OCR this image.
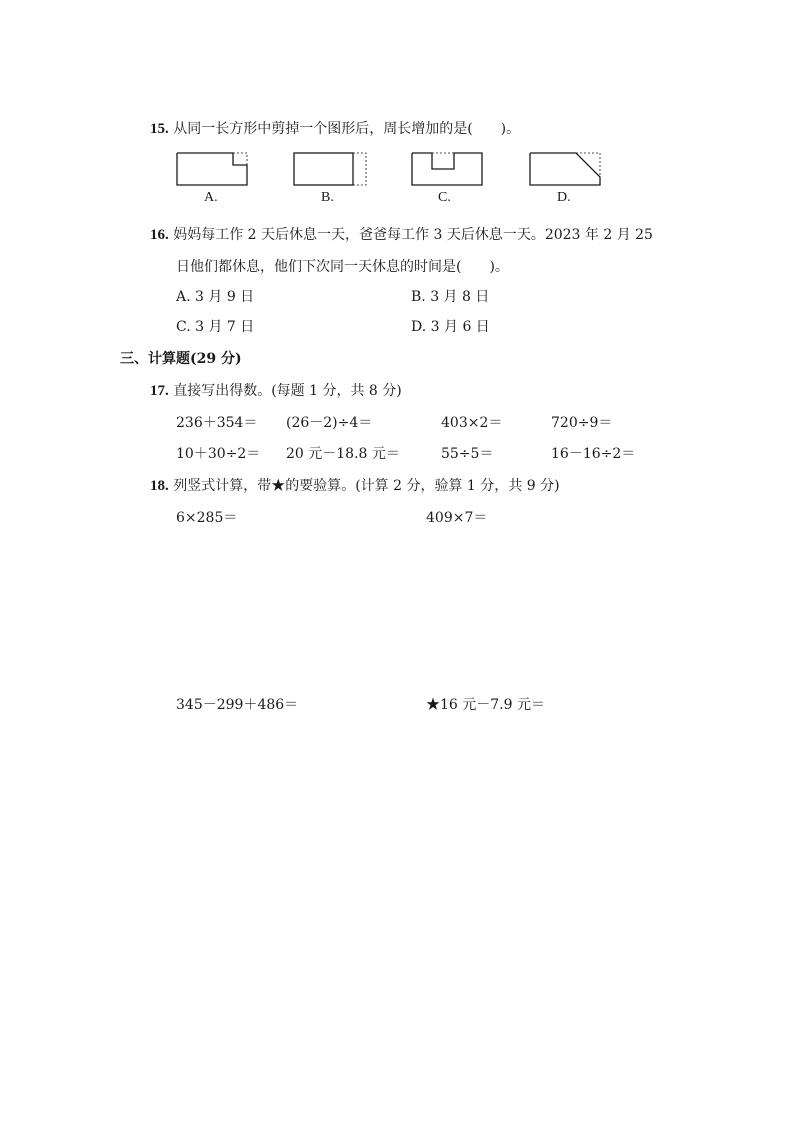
15. 从同一长方形中剪掉一个图形后，周长增加的是(　　)。
A.	B.	C.	D.
16. 妈妈每工作 2 天后休息一天，爸爸每工作 3 天后休息一天。2023 年 2 月 25
日他们都休息，他们下次同一天休息的时间是(　　)。
A. 3 月 9 日	B. 3 月 8 日
C. 3 月 7 日	D. 3 月 6 日
三、计算题(29 分)
17. 直接写出得数。(每题 1 分，共 8 分)
236＋354＝ (26－2)÷4＝	403×2＝	720÷9＝
10＋30÷2＝ 20 元－18.8 元＝	55÷5＝	16－16÷2＝
18. 列竖式计算，带★的要验算。(计算 2 分，验算 1 分，共 9 分)
6×285＝	409×7＝
345－299＋486＝	★16 元－7.9 元＝
